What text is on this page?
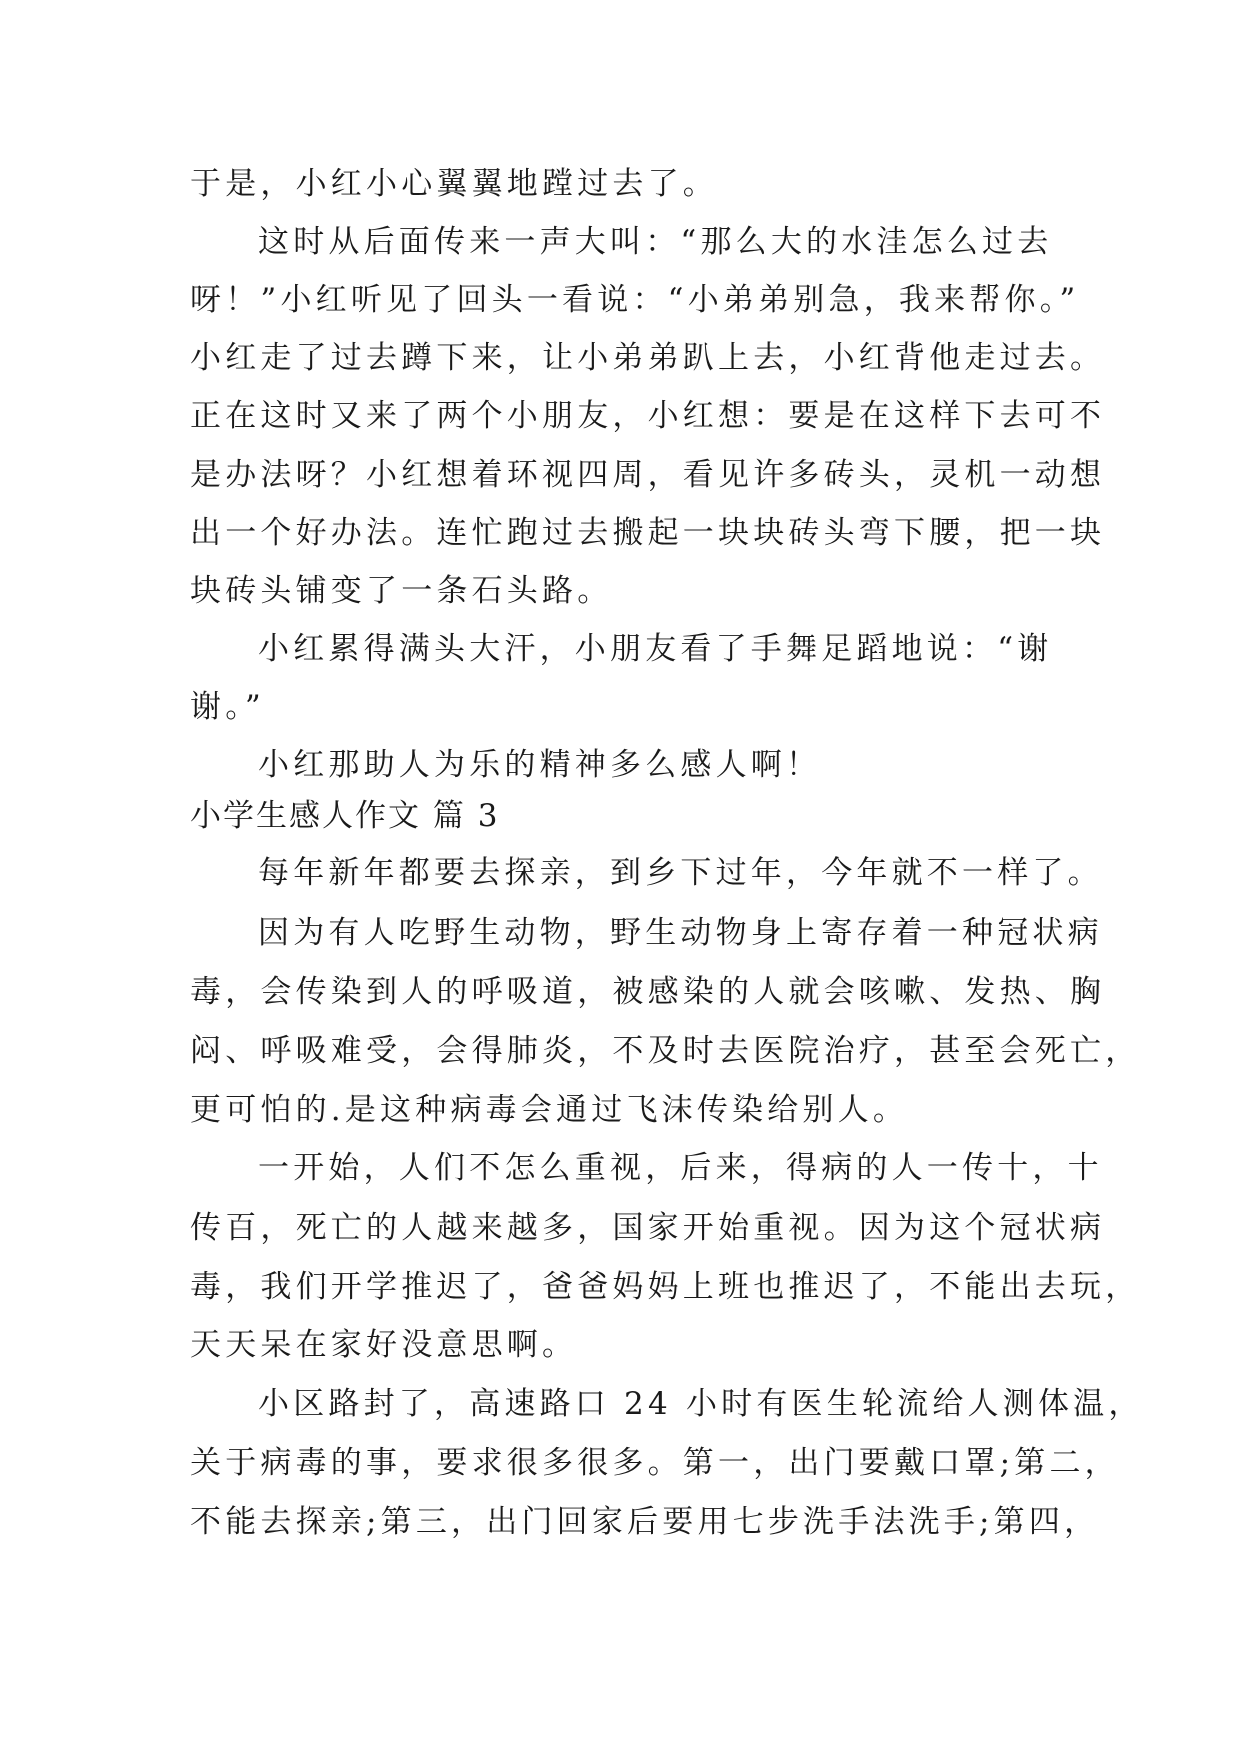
于是，小红小心翼翼地蹚过去了。
这时从后面传来一声大叫：“那么大的水洼怎么过去
呀！”小红听见了回头一看说：“小弟弟别急，我来帮你。”
小红走了过去蹲下来，让小弟弟趴上去，小红背他走过去。
正在这时又来了两个小朋友，小红想：要是在这样下去可不
是办法呀？小红想着环视四周，看见许多砖头，灵机一动想
出一个好办法。连忙跑过去搬起一块块砖头弯下腰，把一块
块砖头铺变了一条石头路。
小红累得满头大汗，小朋友看了手舞足蹈地说：“谢
谢。”
小红那助人为乐的精神多么感人啊！
小学生感人作文 篇 3
每年新年都要去探亲，到乡下过年，今年就不一样了。
因为有人吃野生动物，野生动物身上寄存着一种冠状病
毒，会传染到人的呼吸道，被感染的人就会咳嗽、发热、胸
闷、呼吸难受，会得肺炎，不及时去医院治疗，甚至会死亡，
更可怕的.是这种病毒会通过飞沫传染给别人。
一开始，人们不怎么重视，后来，得病的人一传十，十
传百，死亡的人越来越多，国家开始重视。因为这个冠状病
毒，我们开学推迟了，爸爸妈妈上班也推迟了，不能出去玩，
天天呆在家好没意思啊。
小区路封了，高速路口 24 小时有医生轮流给人测体温，
关于病毒的事，要求很多很多。第一，出门要戴口罩;第二，
不能去探亲;第三，出门回家后要用七步洗手法洗手;第四，
